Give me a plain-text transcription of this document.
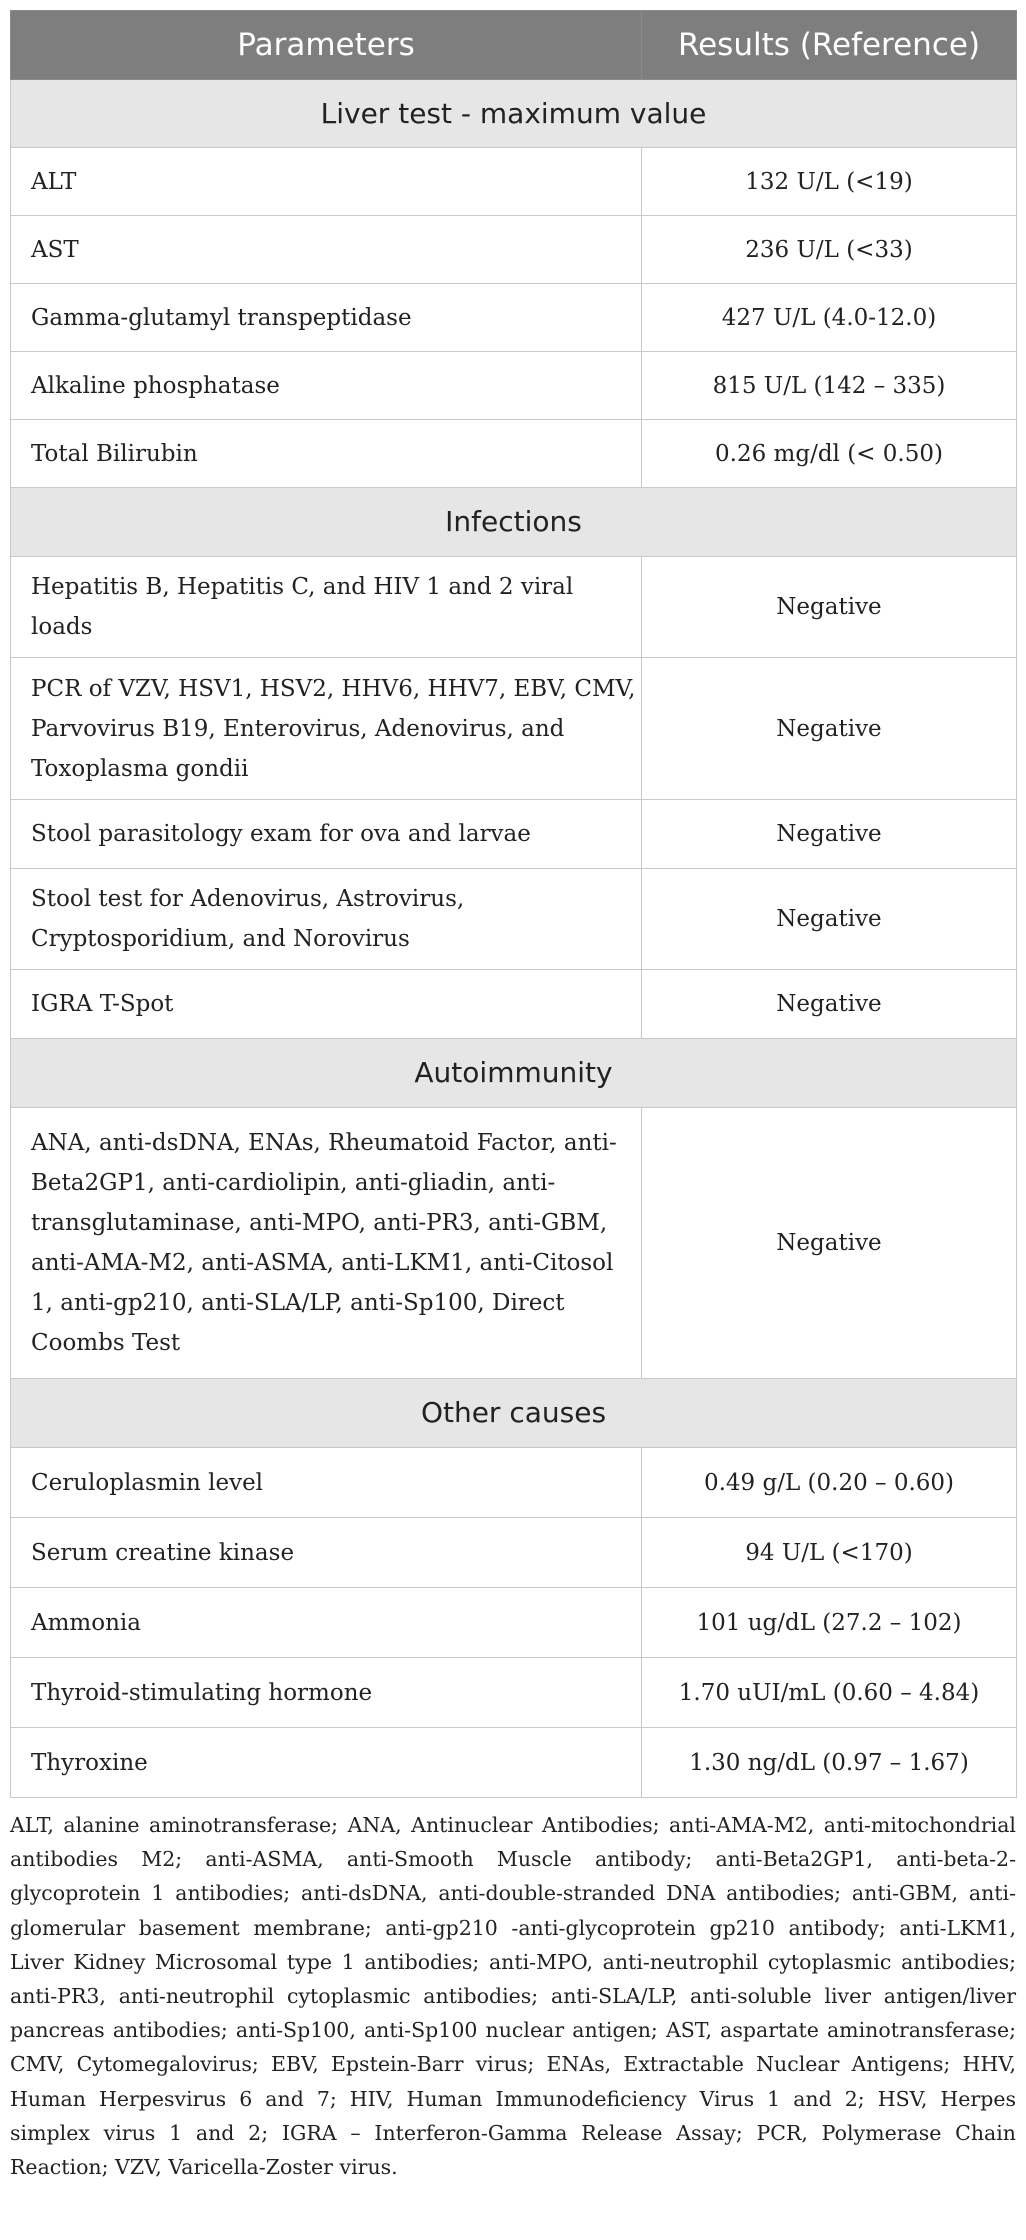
Parameters	Results (Reference)
Liver test - maximum value	
ALT	132 U/L (<19)
AST	236 U/L (<33)
Gamma-glutamyl transpeptidase	427 U/L (4.0-12.0)
Alkaline phosphatase	815 U/L (142 – 335)
Total Bilirubin	0.26 mg/dl (< 0.50)
Infections	
Hepatitis B, Hepatitis C, and HIV 1 and 2 viral loads	Negative
PCR of VZV, HSV1, HSV2, HHV6, HHV7, EBV, CMV, Parvovirus B19, Enterovirus, Adenovirus, and Toxoplasma gondii	Negative
Stool parasitology exam for ova and larvae	Negative
Stool test for Adenovirus, Astrovirus, Cryptosporidium, and Norovirus	Negative
IGRA T-Spot	Negative
Autoimmunity	
ANA, anti-dsDNA, ENAs, Rheumatoid Factor, anti-Beta2GP1, anti-cardiolipin, anti-gliadin, anti-transglutaminase, anti-MPO, anti-PR3, anti-GBM, anti-AMA-M2, anti-ASMA, anti-LKM1, anti-Citosol 1, anti-gp210, anti-SLA/LP, anti-Sp100, Direct Coombs Test	Negative
Other causes	
Ceruloplasmin level	0.49 g/L (0.20 – 0.60)
Serum creatine kinase	94 U/L (<170)
Ammonia	101 ug/dL (27.2 – 102)
Thyroid-stimulating hormone	1.70 uUI/mL (0.60 – 4.84)
Thyroxine	1.30 ng/dL (0.97 – 1.67)
ALT, alanine aminotransferase; ANA, Antinuclear Antibodies; anti-AMA-M2, anti-mitochondrial antibodies M2; anti-ASMA, anti-Smooth Muscle antibody; anti-Beta2GP1, anti-beta-2-glycoprotein 1 antibodies; anti-dsDNA, anti-double-stranded DNA antibodies; anti-GBM, anti-glomerular basement membrane; anti-gp210 -anti-glycoprotein gp210 antibody; anti-LKM1, Liver Kidney Microsomal type 1 antibodies; anti-MPO, anti-neutrophil cytoplasmic antibodies; anti-PR3, anti-neutrophil cytoplasmic antibodies; anti-SLA/LP, anti-soluble liver antigen/liver pancreas antibodies; anti-Sp100, anti-Sp100 nuclear antigen; AST, aspartate aminotransferase; CMV, Cytomegalovirus; EBV, Epstein-Barr virus; ENAs, Extractable Nuclear Antigens; HHV, Human Herpesvirus 6 and 7; HIV, Human Immunodeficiency Virus 1 and 2; HSV, Herpes simplex virus 1 and 2; IGRA – Interferon-Gamma Release Assay; PCR, Polymerase Chain Reaction; VZV, Varicella-Zoster virus.
